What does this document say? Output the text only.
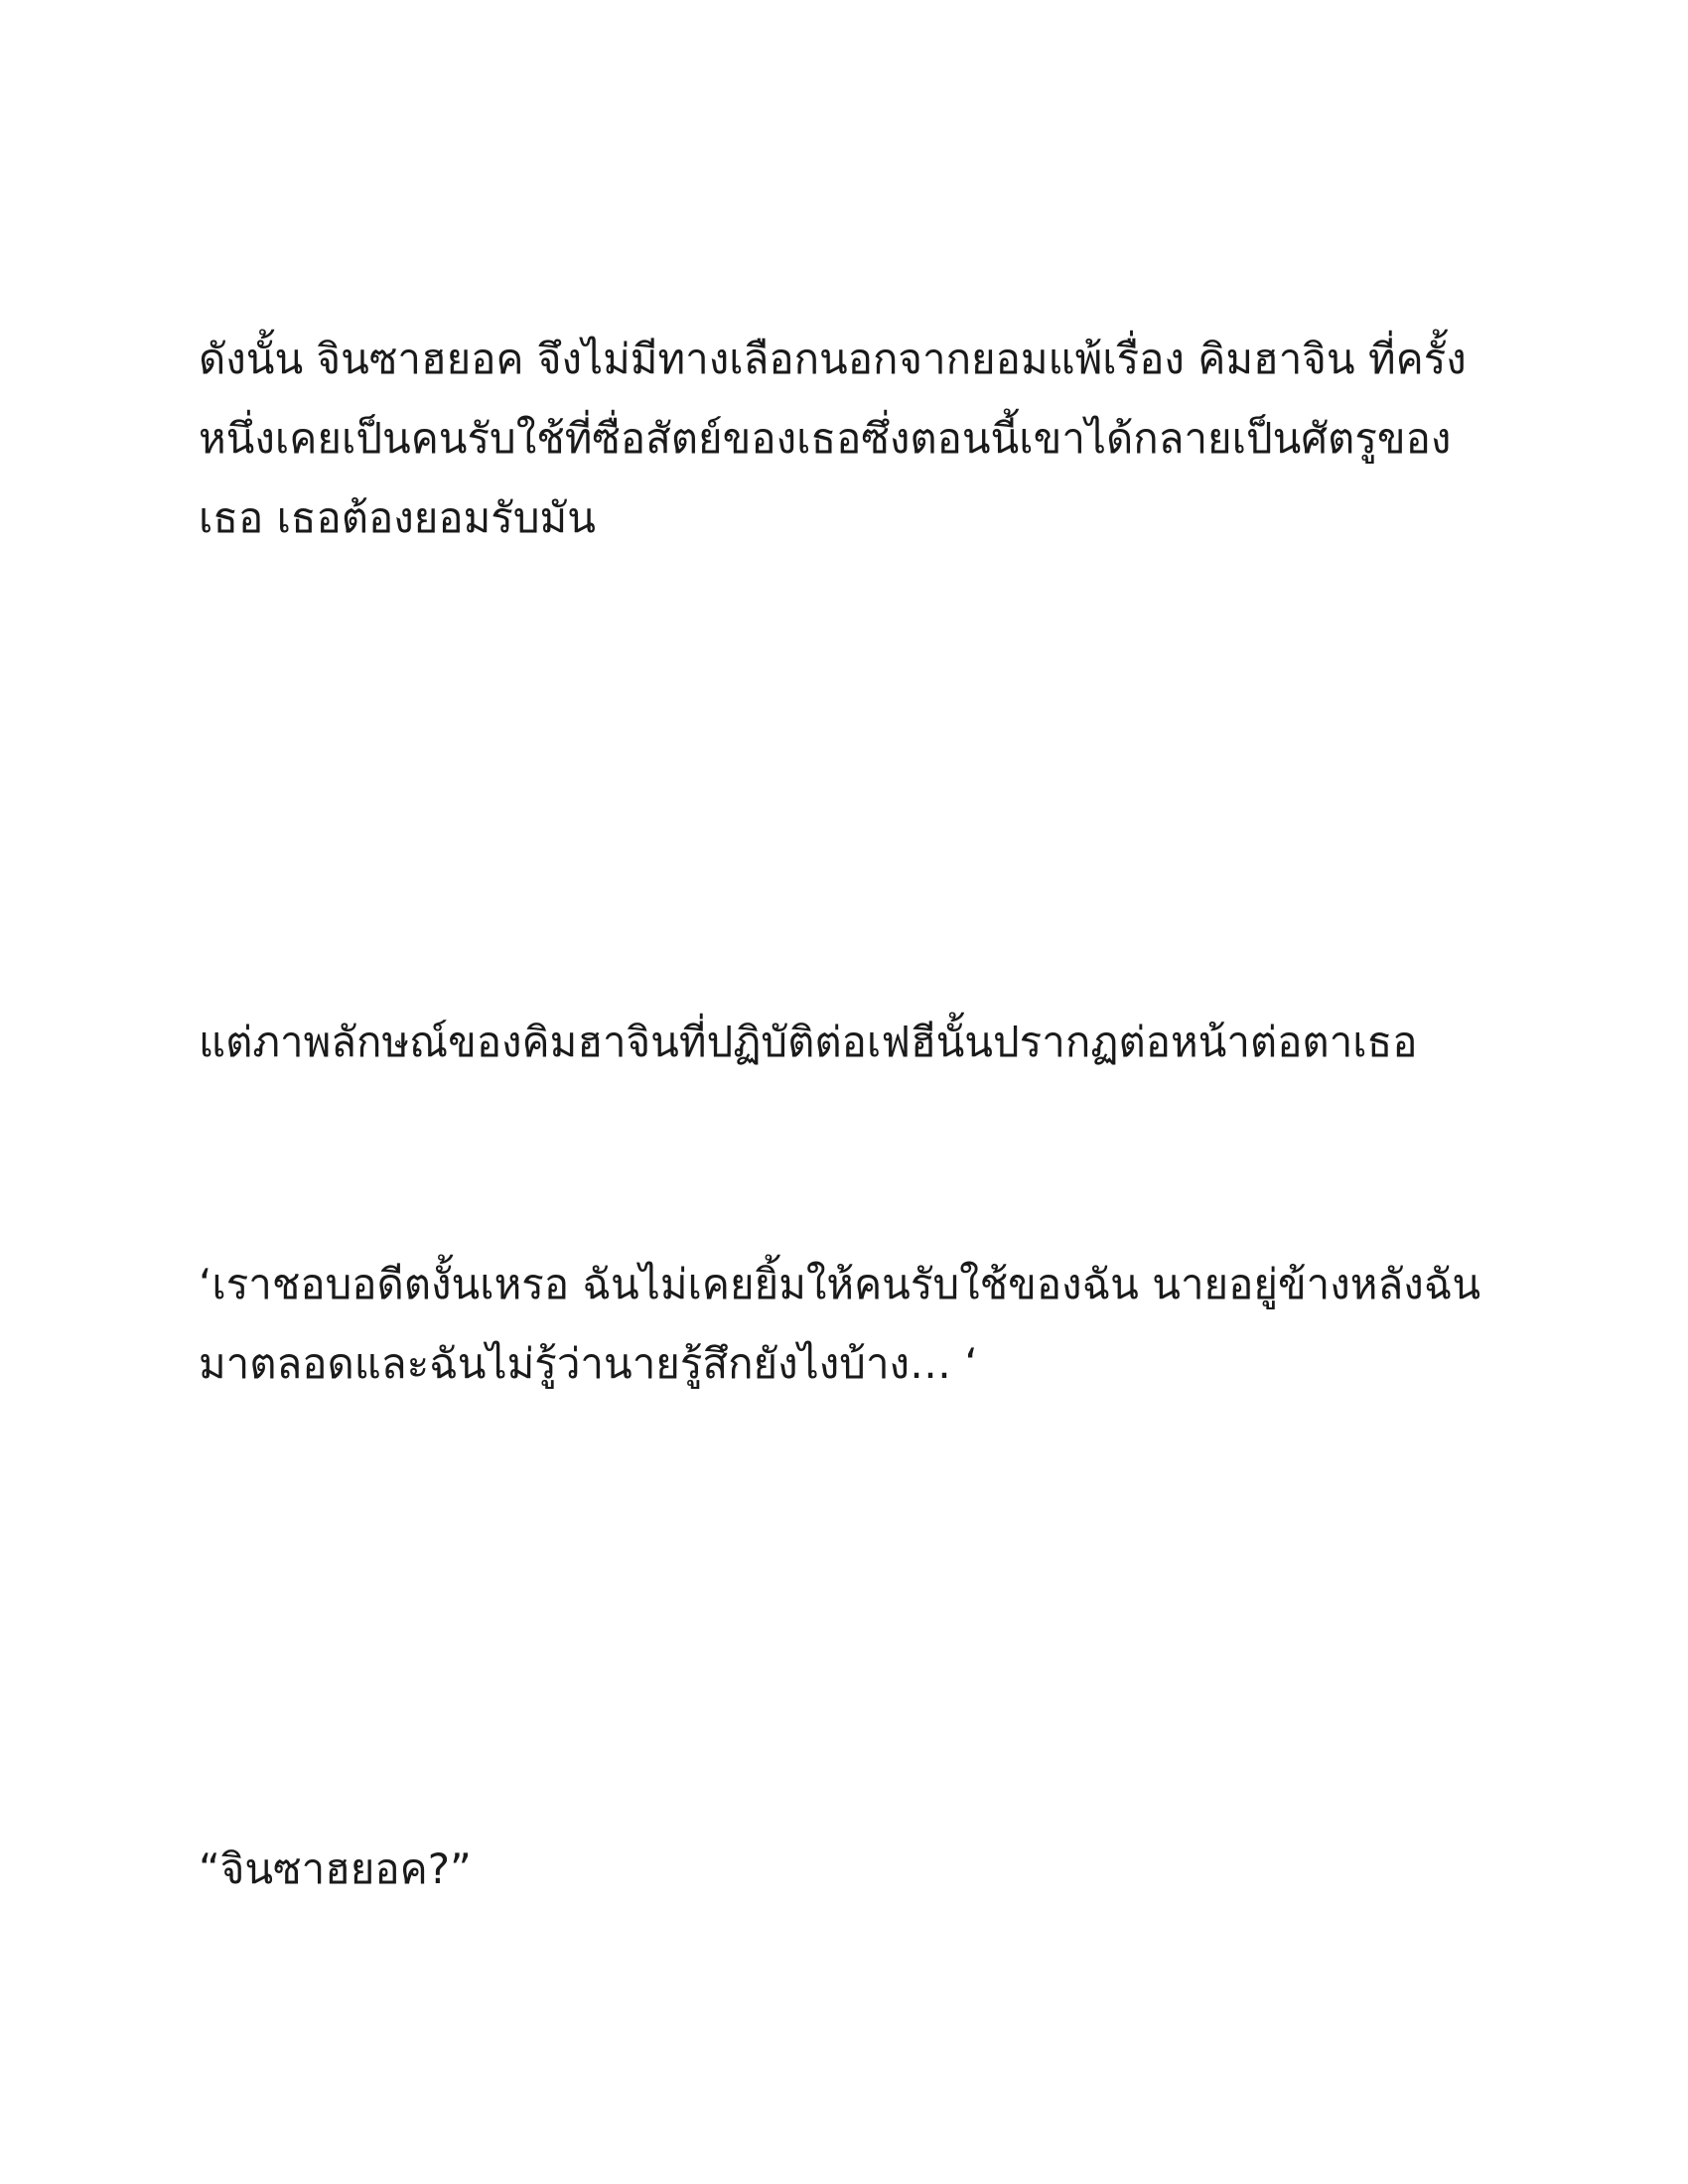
ดังนั้น จินซาฮยอค จึงไม่มีทางเลือกนอกจากยอมแพ้เรื่อง คิมฮาจิน ที่ครั้ง
หนึ่งเคยเป็นคนรับใช้ที่ซื่อสัตย์ของเธอซึ่งตอนนี้เขาได้กลายเป็นศัตรูของ
เธอ เธอต้องยอมรับมัน

แต่ภาพลักษณ์ของคิมฮาจินที่ปฏิบัติต่อเฟฮีนั้นปรากฏต่อหน้าต่อตาเธอ

‘เราชอบอดีตงั้นเหรอ ฉันไม่เคยยิ้มให้คนรับใช้ของฉัน นายอยู่ข้างหลังฉัน
มาตลอดและฉันไม่รู้ว่านายรู้สึกยังไงบ้าง… ‘

“จินซาฮยอค?”
